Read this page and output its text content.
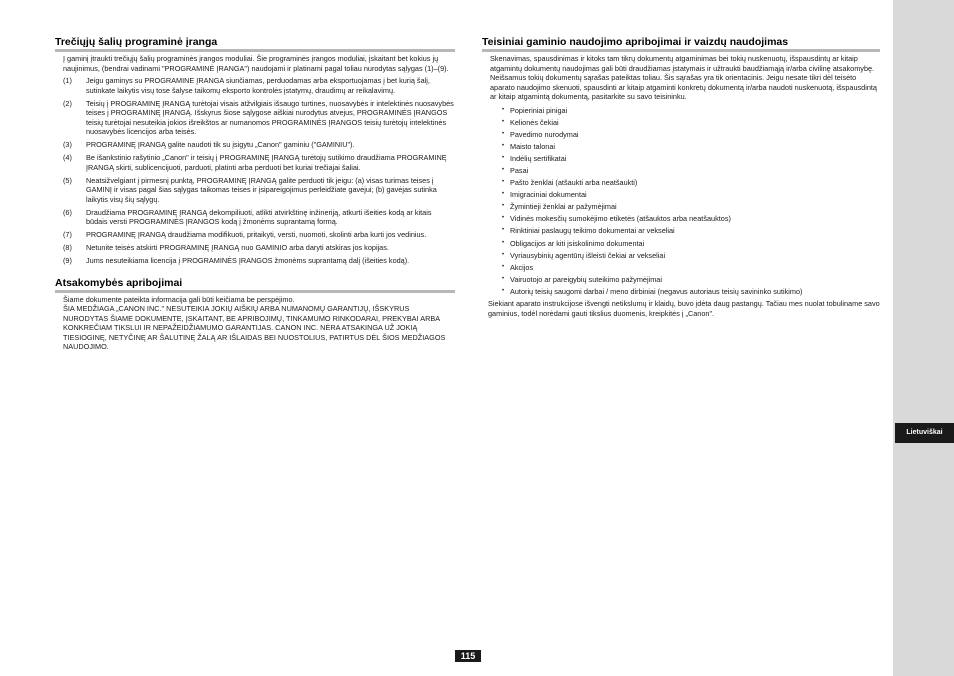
Lietuviškai
Trečiųjų šalių programinė įranga
Į gaminį įtraukti trečiųjų šalių programinės įrangos moduliai. Šie programinės įrangos moduliai, įskaitant bet kokius jų naujinimus, (bendrai vadinami "PROGRAMINĖ ĮRANGA") naudojami ir platinami pagal toliau nurodytas sąlygas (1)–(9).
(1) Jeigu gaminys su PROGRAMINE ĮRANGA siunčiamas, perduodamas arba eksportuojamas į bet kurią šalį, sutinkate laikytis visų tose šalyse taikomų eksporto kontrolės įstatymų, draudimų ar reikalavimų.
(2) Teisių į PROGRAMINĘ ĮRANGĄ turėtojai visais atžvilgiais išsaugo turtines, nuosavybės ir intelektinės nuosavybės teises į PROGRAMINĘ ĮRANGĄ. Išskyrus šiose sąlygose aiškiai nurodytus atvejus, PROGRAMINĖS ĮRANGOS teisių turėtojai nesuteikia jokios išreikštos ar numanomos PROGRAMINĖS ĮRANGOS teisių turėtojų intelektinės nuosavybės licencijos arba teisės.
(3) PROGRAMINĘ ĮRANGĄ galite naudoti tik su įsigytu „Canon" gaminiu ("GAMINIU").
(4) Be išankstinio rašytinio „Canon" ir teisių į PROGRAMINĘ ĮRANGĄ turėtojų sutikimo draudžiama PROGRAMINĘ ĮRANGĄ skirti, sublicencijuoti, parduoti, platinti arba perduoti bet kuriai trečiajai šaliai.
(5) Neatsižvelgiant į pirmesnį punktą, PROGRAMINĘ ĮRANGĄ galite perduoti tik jeigu: (a) visas turimas teises į GAMINĮ ir visas pagal šias sąlygas taikomas teises ir įsipareigojimus perleidžiate gavėjui; (b) gavėjas sutinka laikytis visų šių sąlygų.
(6) Draudžiama PROGRAMINĘ ĮRANGĄ dekompiliuoti, atlikti atvirkštinę inžineriją, atkurti išeities kodą ar kitais būdais versti PROGRAMINĖS ĮRANGOS kodą į žmonėms suprantamą formą.
(7) PROGRAMINĘ ĮRANGĄ draudžiama modifikuoti, pritaikyti, versti, nuomoti, skolinti arba kurti jos vedinius.
(8) Netunite teisės atskirti PROGRAMINĘ ĮRANGĄ nuo GAMINIO arba daryti atskiras jos kopijas.
(9) Jums nesuteikiama licencija į PROGRAMINĖS ĮRANGOS žmonėms suprantamą dalį (išeities kodą).
Atsakomybės apribojimai
Šiame dokumente pateikta informacija gali būti keičiama be perspėjimo.
ŠIA MEDŽIAGA „CANON INC." NESUTEIKIA JOKIŲ AIŠKIŲ ARBA NUMANOMŲ GARANTIJŲ, IŠSKYRUS NURODYTAS ŠIAME DOKUMENTE, ĮSKAITANT, BE APRIBOJIMŲ, TINKAMUMO RINKODARAI, PREKYBAI ARBA KONKREČIAM TIKSLUI IR NEPAŽEIDŽIAMUMO GARANTIJAS. CANON INC. NĖRA ATSAKINGA UŽ JOKIĄ TIESIOGINĘ, NETYČINĘ AR ŠALUTINĘ ŽALĄ AR IŠLAIDAS BEI NUOSTOLIUS, PATIRTUS DĖL ŠIOS MEDŽIAGOS NAUDOJIMO.
Teisiniai gaminio naudojimo apribojimai ir vaizdų naudojimas
Skenavimas, spausdinimas ir kitoks tam tikrų dokumentų atgaminimas bei tokių nuskenuotų, išspausdintų ar kitaip atgamintų dokumentų naudojimas gali būti draudžiamas įstatymais ir užtraukti baudžiamąją ir/arba civilinę atsakomybę. Neišsamus tokių dokumentų sąrašas pateiktas toliau. Šis sąrašas yra tik orientacinis. Jeigu nesate tikri dėl teisėto aparato naudojimo skenuoti, spausdinti ar kitaip atgaminti konkretų dokumentą ir/arba naudoti nuskenuotą, išspausdintą ar kitaip atgamintą dokumentą, pasitarkite su savo teisininku.
• Popieriniai pinigai
• Kelionės čekiai
• Pavedimo nurodymai
• Maisto talonai
• Indėlių sertifikatai
• Pasai
• Pašto ženklai (atšaukti arba neatšaukti)
• Imigraciniai dokumentai
• Žymintieji ženklai ar pažymėjimai
• Vidinės mokesčių sumokėjimo etiketės (atšauktos arba neatšauktos)
• Rinktiniai paslaugų teikimo dokumentai ar vekseliai
• Obligacijos ar kiti įsiskolinimo dokumentai
• Vyriausybinių agentūrų išleisti čekiai ar vekseliai
• Akcijos
• Vairuotojo ar pareigybių suteikimo pažymėjimai
• Autorių teisių saugomi darbai / meno dirbiniai (negavus autoriaus teisių savininko sutikimo)
Siekiant aparato instrukcijose išvengti netikslumų ir klaidų, buvo įdėta daug pastangų. Tačiau mes nuolat tobuliname savo gaminius, todėl norėdami gauti tikslius duomenis, kreipkitės į „Canon".
115
